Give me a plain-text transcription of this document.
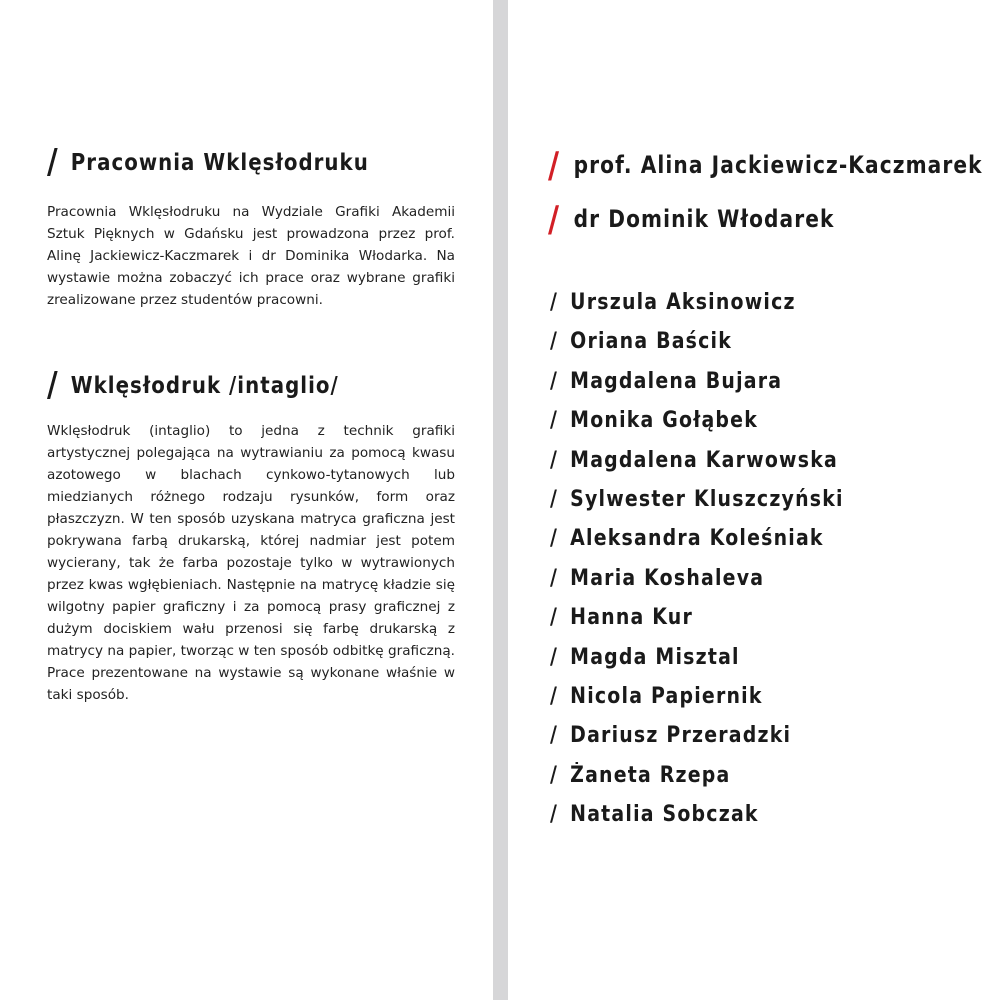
/ Pracownia Wklęsłodruku
Pracownia Wklęsłodruku na Wydziale Grafiki Akademii Sztuk Pięknych w Gdańsku jest prowadzona przez prof. Alinę Jackiewicz-Kaczmarek i dr Dominika Włodarka. Na wystawie można zobaczyć ich prace oraz wybrane grafiki zrealizowane przez studentów pracowni.
/ Wklęsłodruk /intaglio/
Wklęsłodruk (intaglio) to jedna z technik grafiki artystycznej polegająca na wytrawianiu za pomocą kwasu azotowego w blachach cynkowo-tytanowych lub miedzianych różnego rodzaju rysunków, form oraz płaszczyzn. W ten sposób uzyskana matryca graficzna jest pokrywana farbą drukarską, której nadmiar jest potem wycierany, tak że farba pozostaje tylko w wytrawionych przez kwas wgłębieniach. Następnie na matrycę kładzie się wilgotny papier graficzny i za pomocą prasy graficznej z dużym dociskiem wału przenosi się farbę drukarską z matrycy na papier, tworząc w ten sposób odbitkę graficzną. Prace prezentowane na wystawie są wykonane właśnie w taki sposób.
/ prof. Alina Jackiewicz-Kaczmarek
/ dr Dominik Włodarek
/ Urszula Aksinowicz
/ Oriana Baścik
/ Magdalena Bujara
/ Monika Gołąbek
/ Magdalena Karwowska
/ Sylwester Kluszczyński
/ Aleksandra Koleśniak
/ Maria Koshaleva
/ Hanna Kur
/ Magda Misztal
/ Nicola Papiernik
/ Dariusz Przeradzki
/ Żaneta Rzepa
/ Natalia Sobczak
